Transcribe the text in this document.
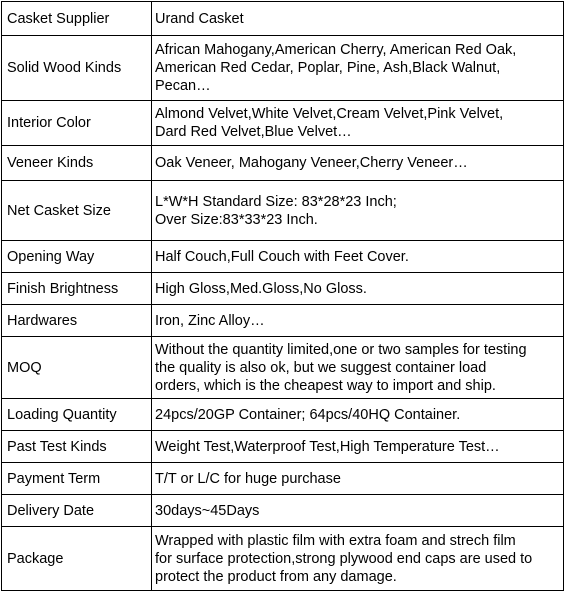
Casket Supplier	Urand Casket

Solid Wood Kinds	African Mahogany,American Cherry, American Red Oak,
American Red Cedar, Poplar, Pine, Ash,Black Walnut,
Pecan…

Interior Color	Almond Velvet,White Velvet,Cream Velvet,Pink Velvet,
Dard Red Velvet,Blue Velvet…

Veneer Kinds	Oak Veneer, Mahogany Veneer,Cherry Veneer…

Net Casket Size	L*W*H Standard Size: 83*28*23 Inch;
Over Size:83*33*23 Inch.

Opening Way	Half Couch,Full Couch with Feet Cover.

Finish Brightness	High Gloss,Med.Gloss,No Gloss.

Hardwares	Iron, Zinc Alloy…

MOQ	Without the quantity limited,one or two samples for testing
the quality is also ok, but we suggest container load
orders, which is the cheapest way to import and ship.

Loading Quantity	24pcs/20GP Container; 64pcs/40HQ Container.

Past Test Kinds	Weight Test,Waterproof Test,High Temperature Test…

Payment Term	T/T or L/C for huge purchase

Delivery Date	30days~45Days

Package	Wrapped with plastic film with extra foam and strech film
for surface protection,strong plywood end caps are used to
protect the product from any damage.
